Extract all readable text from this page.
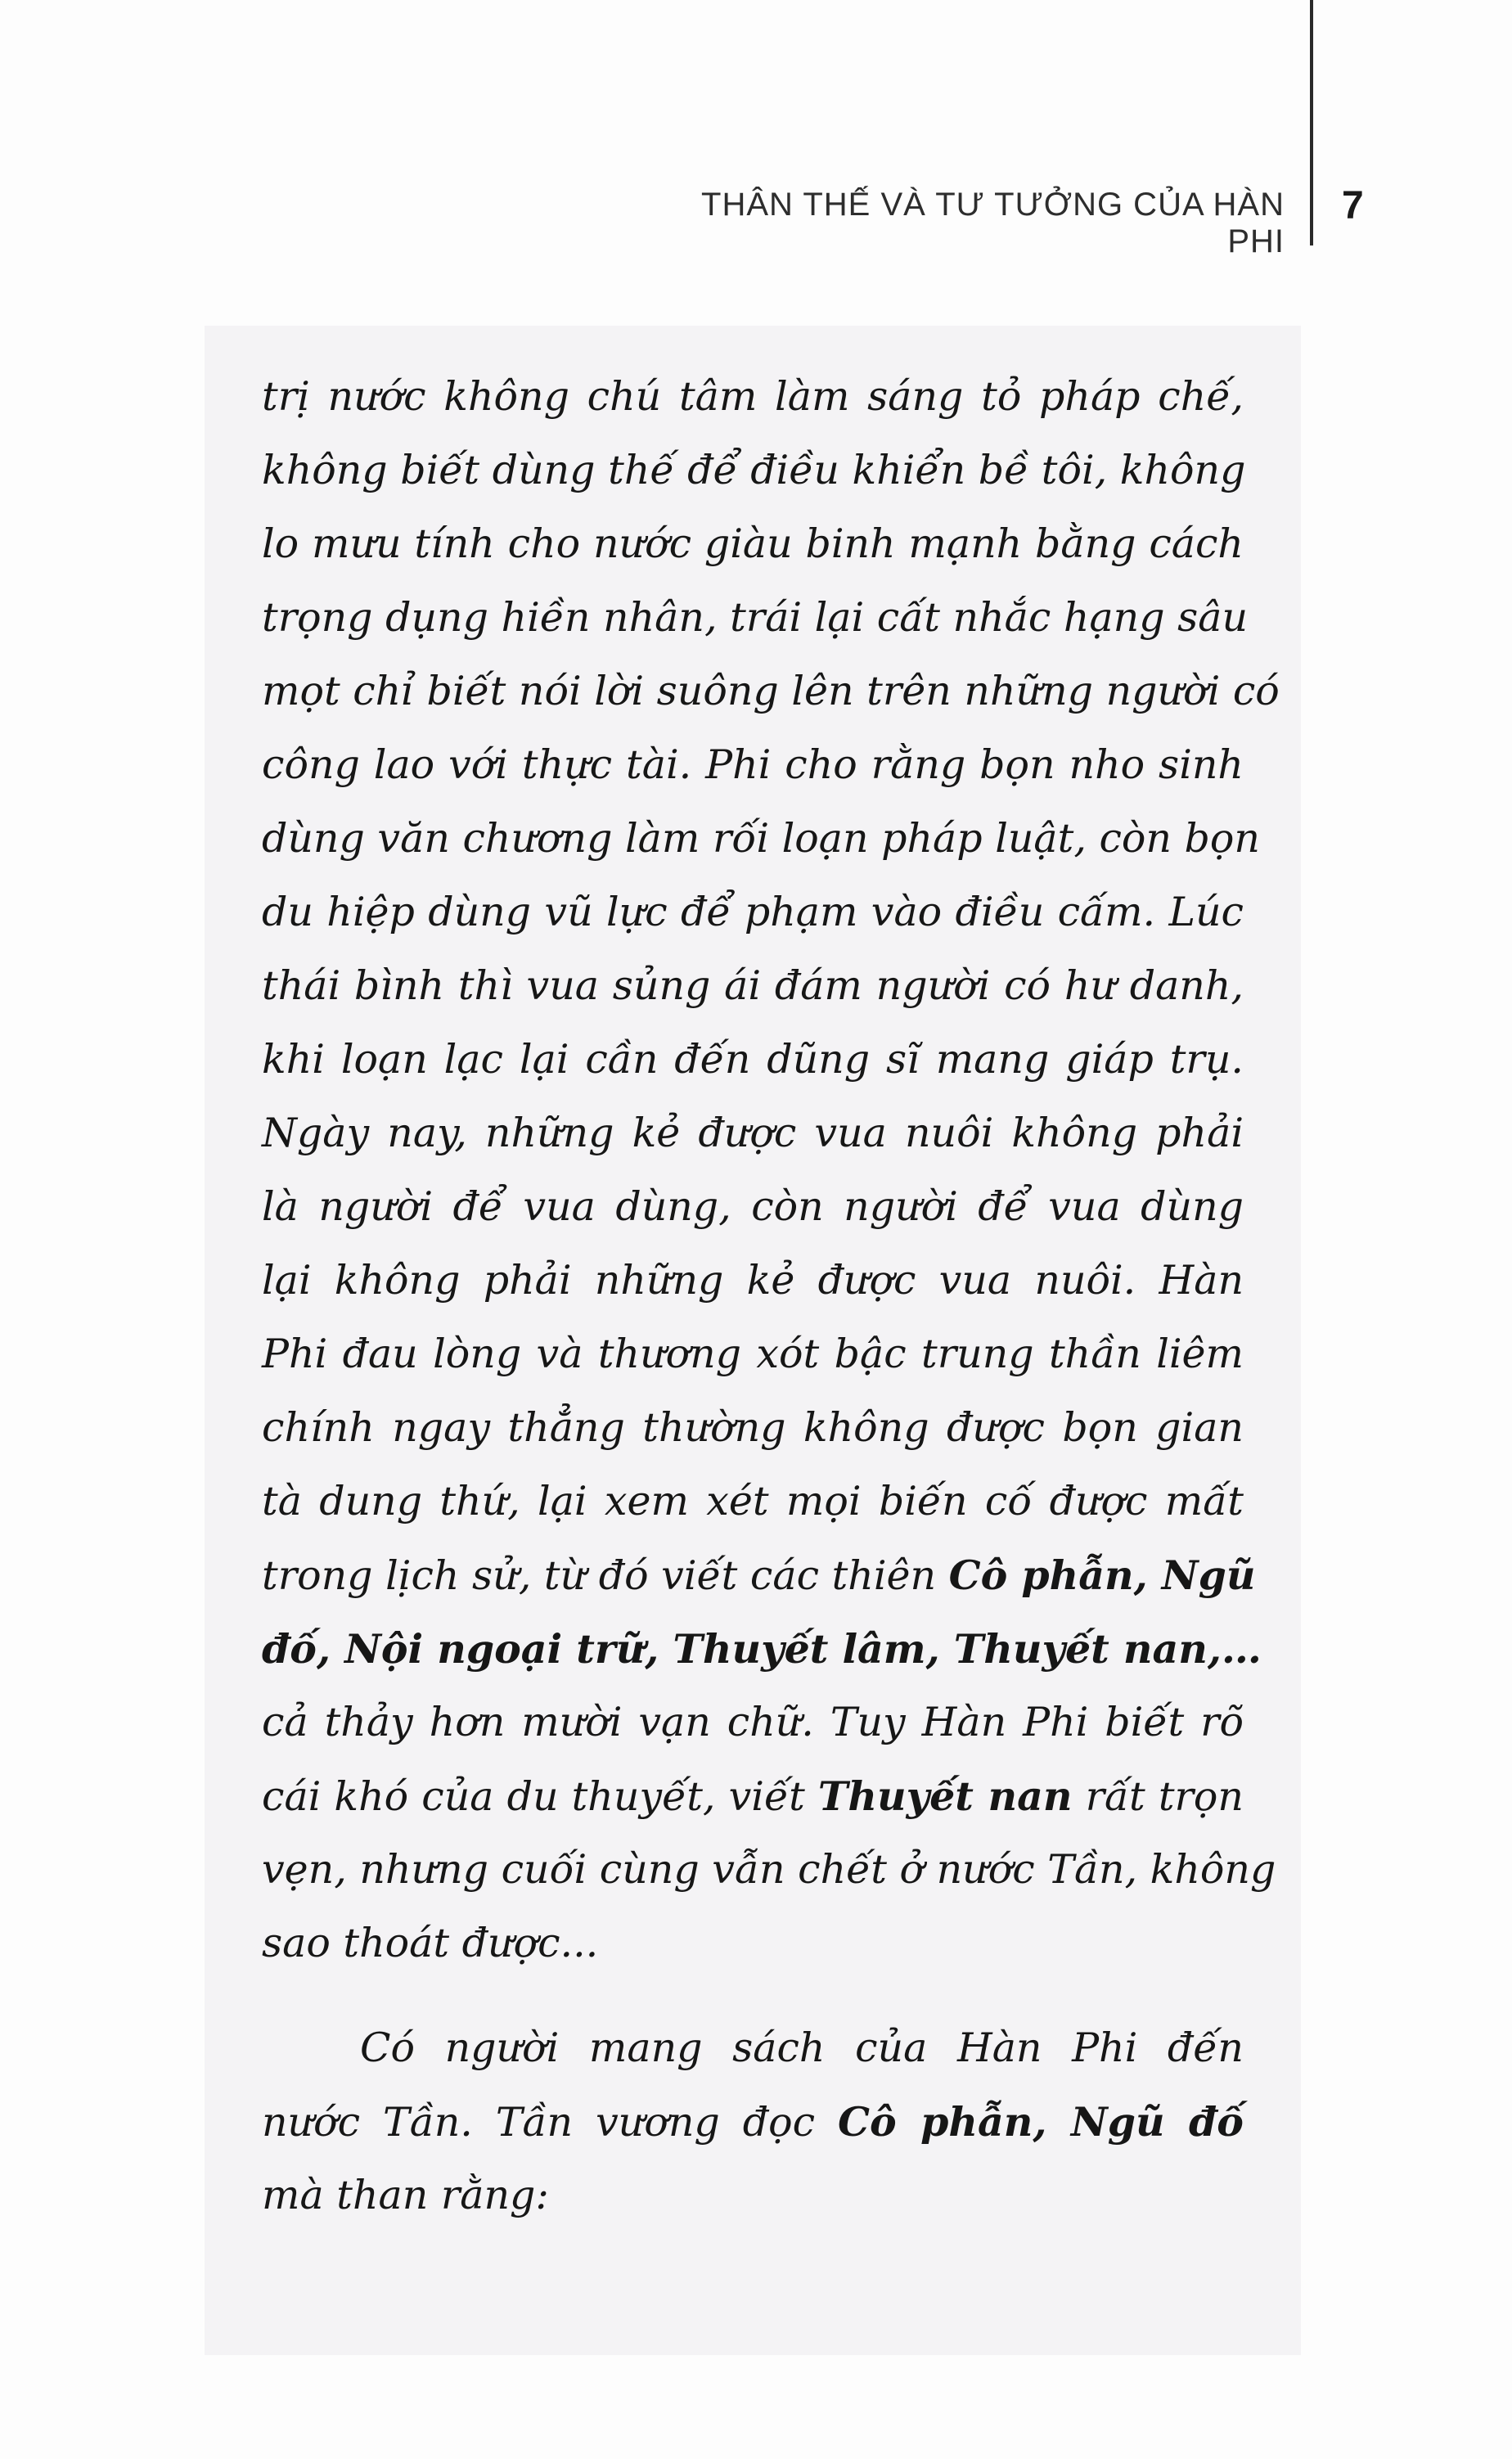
THÂN THẾ VÀ TƯ TƯỞNG CỦA HÀN PHI
7
trị nước không chú tâm làm sáng tỏ pháp chế,
không biết dùng thế để điều khiển bề tôi, không
lo mưu tính cho nước giàu binh mạnh bằng cách
trọng dụng hiền nhân, trái lại cất nhắc hạng sâu
mọt chỉ biết nói lời suông lên trên những người có
công lao với thực tài. Phi cho rằng bọn nho sinh
dùng văn chương làm rối loạn pháp luật, còn bọn
du hiệp dùng vũ lực để phạm vào điều cấm. Lúc
thái bình thì vua sủng ái đám người có hư danh,
khi loạn lạc lại cần đến dũng sĩ mang giáp trụ.
Ngày nay, những kẻ được vua nuôi không phải
là người để vua dùng, còn người để vua dùng
lại không phải những kẻ được vua nuôi. Hàn
Phi đau lòng và thương xót bậc trung thần liêm
chính ngay thẳng thường không được bọn gian
tà dung thứ, lại xem xét mọi biến cố được mất
trong lịch sử, từ đó viết các thiên Cô phẫn, Ngũ
đố, Nội ngoại trữ, Thuyết lâm, Thuyết nan,…
cả thảy hơn mười vạn chữ. Tuy Hàn Phi biết rõ
cái khó của du thuyết, viết Thuyết nan rất trọn
vẹn, nhưng cuối cùng vẫn chết ở nước Tần, không
sao thoát được...
Có người mang sách của Hàn Phi đến
nước Tần. Tần vương đọc Cô phẫn, Ngũ đố
mà than rằng:
